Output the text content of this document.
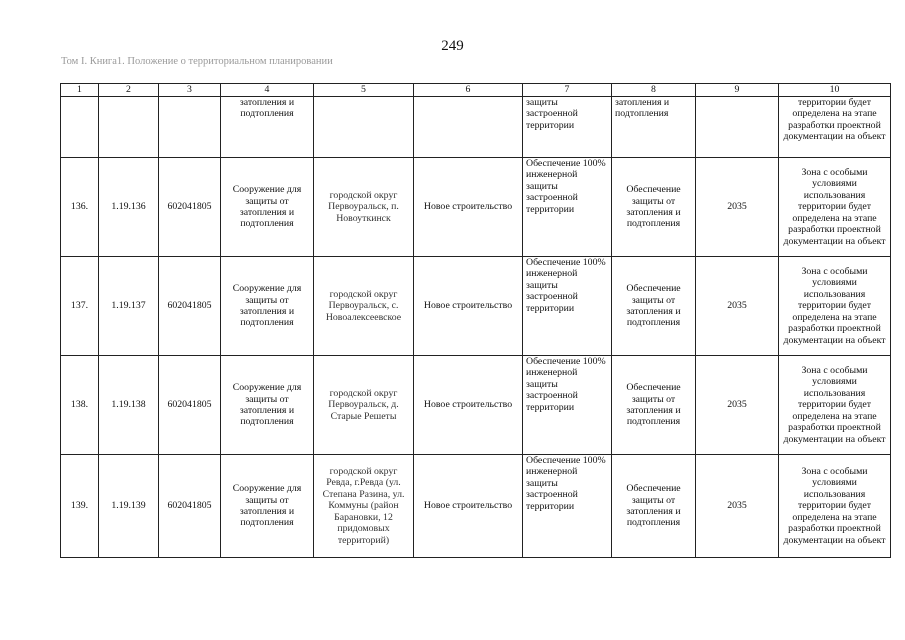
249
Том I. Книга1. Положение о территориальном планировании
1	2	3	4	5	6	7	8	9	10
			затопления и подтопления			защиты застроенной территории	затопления и подтопления		территории будет определена на этапе разработки проектной документации на объект
136.	1.19.136	602041805	Сооружение для защиты от затопления и подтопления	городской округ Первоуральск, п. Новоуткинск	Новое строительство	Обеспечение 100% инженерной защиты застроенной территории	Обеспечение защиты от затопления и подтопления	2035	Зона с особыми условиями использования территории будет определена на этапе разработки проектной документации на объект
137.	1.19.137	602041805	Сооружение для защиты от затопления и подтопления	городской округ Первоуральск, с. Новоалексеевское	Новое строительство	Обеспечение 100% инженерной защиты застроенной территории	Обеспечение защиты от затопления и подтопления	2035	Зона с особыми условиями использования территории будет определена на этапе разработки проектной документации на объект
138.	1.19.138	602041805	Сооружение для защиты от затопления и подтопления	городской округ Первоуральск, д. Старые Решеты	Новое строительство	Обеспечение 100% инженерной защиты застроенной территории	Обеспечение защиты от затопления и подтопления	2035	Зона с особыми условиями использования территории будет определена на этапе разработки проектной документации на объект
139.	1.19.139	602041805	Сооружение для защиты от затопления и подтопления	городской округ Ревда, г.Ревда (ул. Степана Разина, ул. Коммуны (район Барановки, 12 придомовых территорий)	Новое строительство	Обеспечение 100% инженерной защиты застроенной территории	Обеспечение защиты от затопления и подтопления	2035	Зона с особыми условиями использования территории будет определена на этапе разработки проектной документации на объект
